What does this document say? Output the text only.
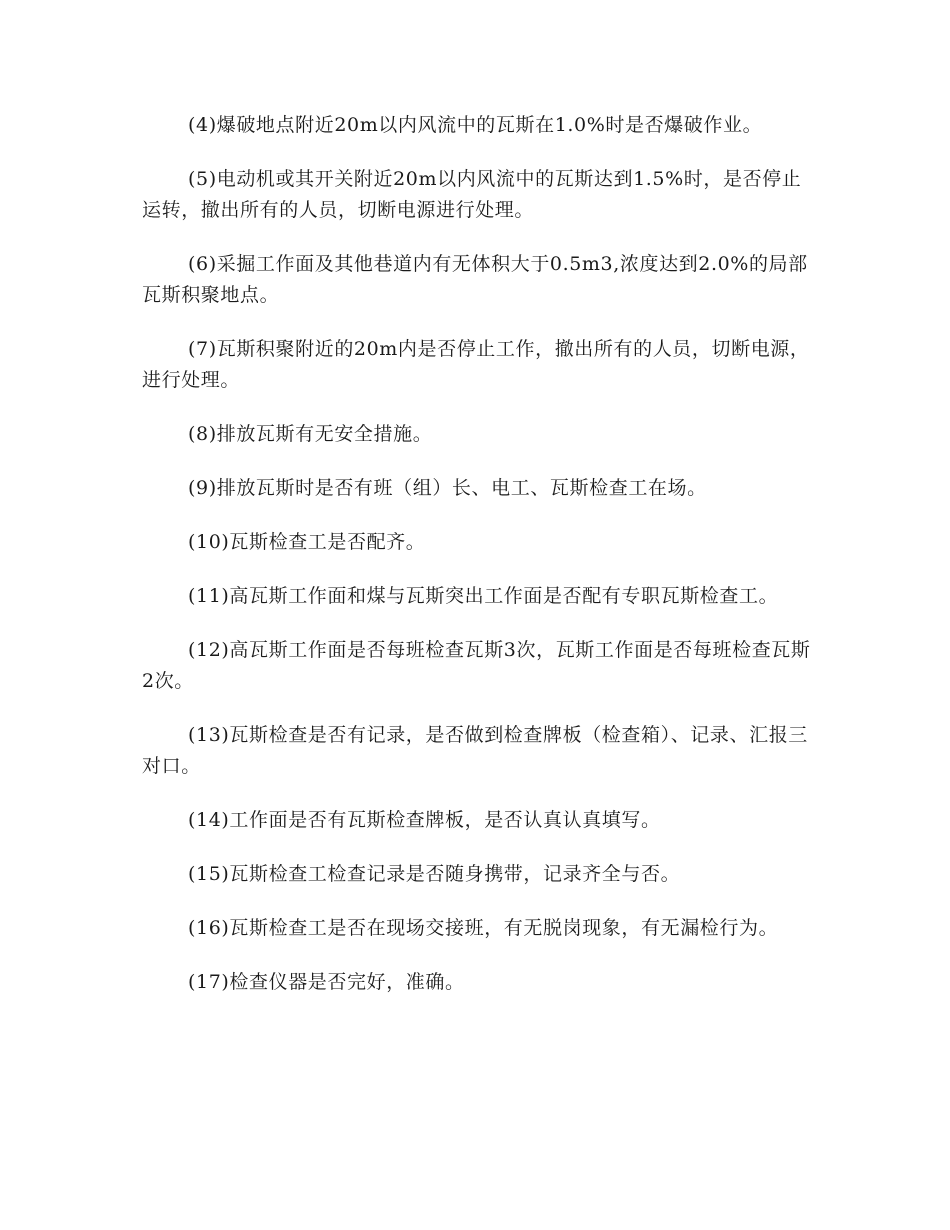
(4)爆破地点附近20m以内风流中的瓦斯在1.0%时是否爆破作业。

(5)电动机或其开关附近20m以内风流中的瓦斯达到1.5%时，是否停止运转，撤出所有的人员，切断电源进行处理。

(6)采掘工作面及其他巷道内有无体积大于0.5m3,浓度达到2.0%的局部瓦斯积聚地点。

(7)瓦斯积聚附近的20m内是否停止工作，撤出所有的人员，切断电源，进行处理。

(8)排放瓦斯有无安全措施。

(9)排放瓦斯时是否有班（组）长、电工、瓦斯检查工在场。

(10)瓦斯检查工是否配齐。

(11)高瓦斯工作面和煤与瓦斯突出工作面是否配有专职瓦斯检查工。

(12)高瓦斯工作面是否每班检查瓦斯3次，瓦斯工作面是否每班检查瓦斯2次。

(13)瓦斯检查是否有记录，是否做到检查牌板（检查箱）、记录、汇报三对口。

(14)工作面是否有瓦斯检查牌板，是否认真认真填写。

(15)瓦斯检查工检查记录是否随身携带，记录齐全与否。

(16)瓦斯检查工是否在现场交接班，有无脱岗现象，有无漏检行为。

(17)检查仪器是否完好，准确。
